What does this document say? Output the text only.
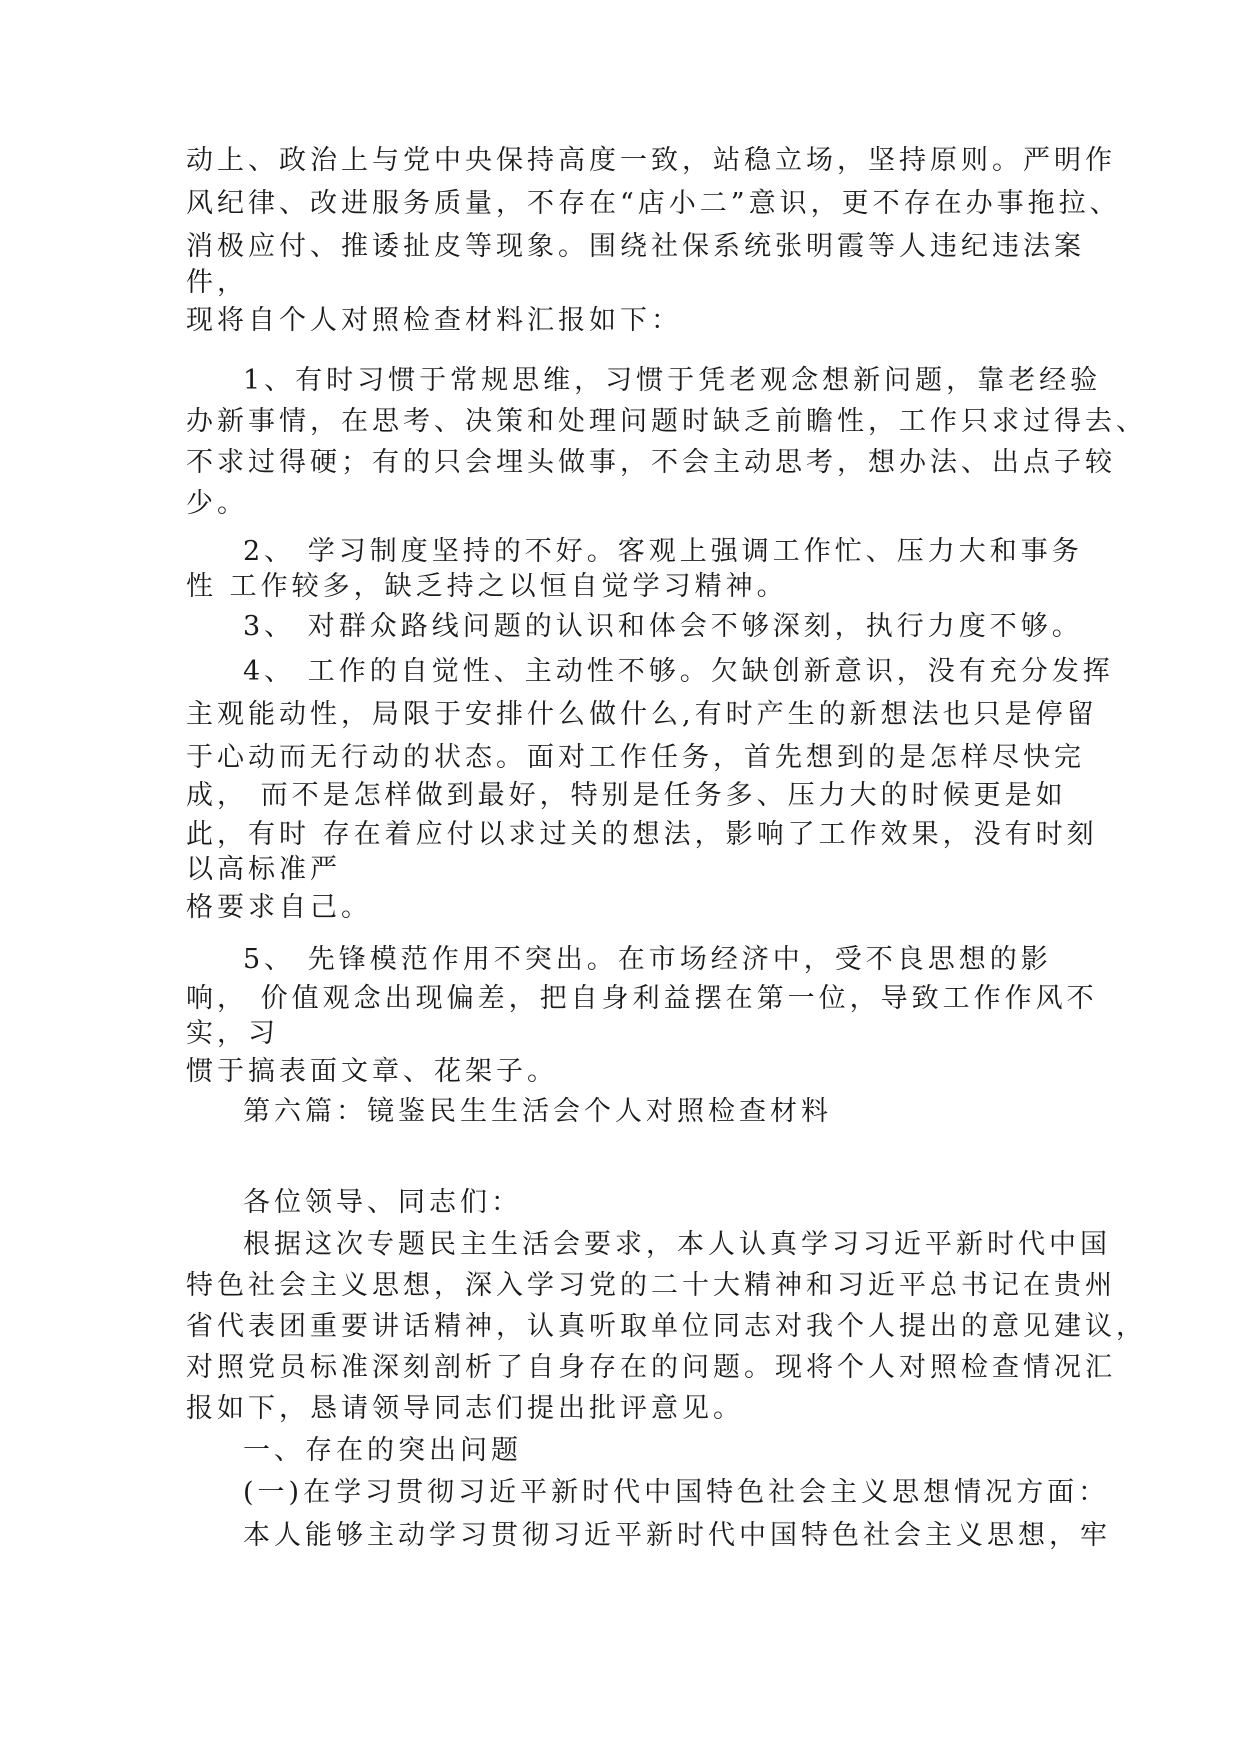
动上、政治上与党中央保持高度一致，站稳立场，坚持原则。严明作
风纪律、改进服务质量，不存在“店小二”意识，更不存在办事拖拉、
消极应付、推诿扯皮等现象。围绕社保系统张明霞等人违纪违法案
件，
现将自个人对照检查材料汇报如下：
1、有时习惯于常规思维，习惯于凭老观念想新问题，靠老经验
办新事情，在思考、决策和处理问题时缺乏前瞻性，工作只求过得去、
不求过得硬；有的只会埋头做事，不会主动思考，想办法、出点子较
少。
2、 学习制度坚持的不好。客观上强调工作忙、压力大和事务
性 工作较多，缺乏持之以恒自觉学习精神。
3、 对群众路线问题的认识和体会不够深刻，执行力度不够。
4、 工作的自觉性、主动性不够。欠缺创新意识，没有充分发挥
主观能动性，局限于安排什么做什么,有时产生的新想法也只是停留
于心动而无行动的状态。面对工作任务，首先想到的是怎样尽快完
成， 而不是怎样做到最好，特别是任务多、压力大的时候更是如
此，有时 存在着应付以求过关的想法，影响了工作效果，没有时刻
以高标准严
格要求自己。
5、 先锋模范作用不突出。在市场经济中，受不良思想的影
响， 价值观念出现偏差，把自身利益摆在第一位，导致工作作风不
实，习
惯于搞表面文章、花架子。
第六篇：镜鉴民生生活会个人对照检查材料
各位领导、同志们：
根据这次专题民主生活会要求，本人认真学习习近平新时代中国
特色社会主义思想，深入学习党的二十大精神和习近平总书记在贵州
省代表团重要讲话精神，认真听取单位同志对我个人提出的意见建议，
对照党员标准深刻剖析了自身存在的问题。现将个人对照检查情况汇
报如下，恳请领导同志们提出批评意见。
一、存在的突出问题
(一)在学习贯彻习近平新时代中国特色社会主义思想情况方面：
本人能够主动学习贯彻习近平新时代中国特色社会主义思想，牢
